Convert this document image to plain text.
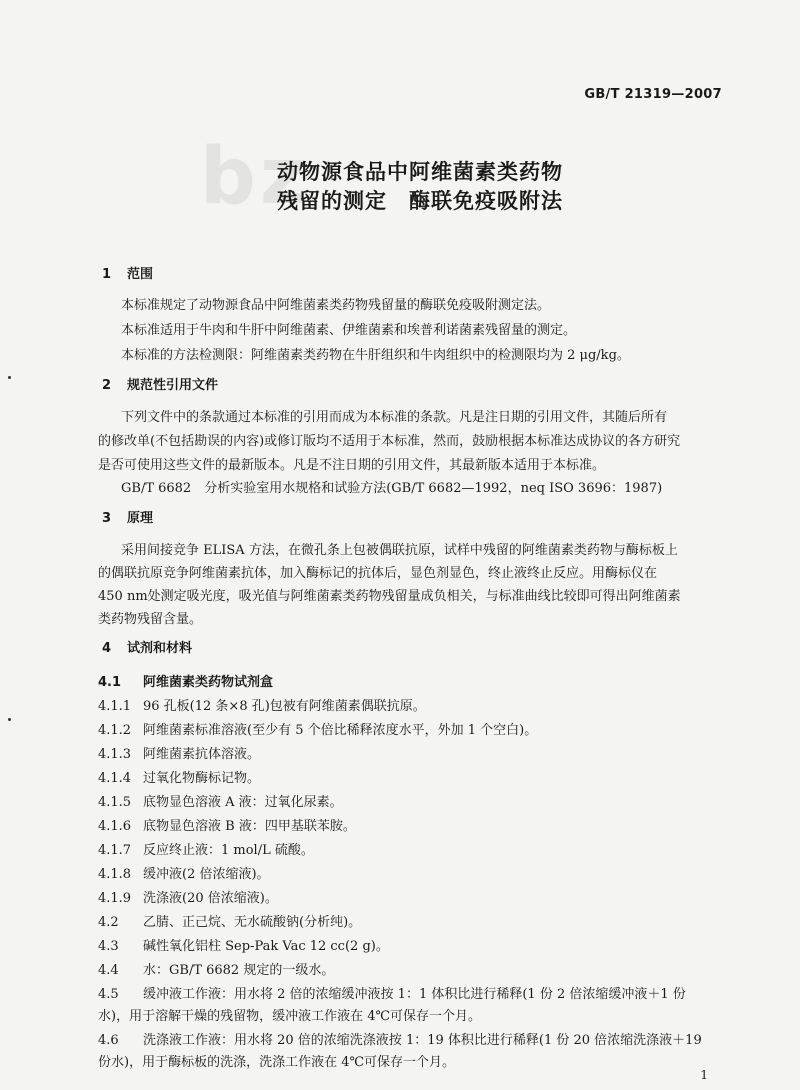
GB/T 21319—2007
bz
动物源食品中阿维菌素类药物
残留的测定　酶联免疫吸附法
1 范围
本标准规定了动物源食品中阿维菌素类药物残留量的酶联免疫吸附测定法。
本标准适用于牛肉和牛肝中阿维菌素、伊维菌素和埃普利诺菌素残留量的测定。
本标准的方法检测限：阿维菌素类药物在牛肝组织和牛肉组织中的检测限均为 2 μg/kg。
2 规范性引用文件
下列文件中的条款通过本标准的引用而成为本标准的条款。凡是注日期的引用文件，其随后所有
的修改单(不包括勘误的内容)或修订版均不适用于本标准，然而，鼓励根据本标准达成协议的各方研究
是否可使用这些文件的最新版本。凡是不注日期的引用文件，其最新版本适用于本标准。
GB/T 6682　分析实验室用水规格和试验方法(GB/T 6682—1992，neq ISO 3696：1987)
3 原理
采用间接竞争 ELISA 方法，在微孔条上包被偶联抗原，试样中残留的阿维菌素类药物与酶标板上
的偶联抗原竞争阿维菌素抗体，加入酶标记的抗体后，显色剂显色，终止液终止反应。用酶标仪在
450 nm处测定吸光度，吸光值与阿维菌素类药物残留量成负相关，与标准曲线比较即可得出阿维菌素
类药物残留含量。
4 试剂和材料
4.1 阿维菌素类药物试剂盒
4.1.1 96 孔板(12 条×8 孔)包被有阿维菌素偶联抗原。
4.1.2 阿维菌素标准溶液(至少有 5 个倍比稀释浓度水平，外加 1 个空白)。
4.1.3 阿维菌素抗体溶液。
4.1.4 过氧化物酶标记物。
4.1.5 底物显色溶液 A 液：过氧化尿素。
4.1.6 底物显色溶液 B 液：四甲基联苯胺。
4.1.7 反应终止液：1 mol/L 硫酸。
4.1.8 缓冲液(2 倍浓缩液)。
4.1.9 洗涤液(20 倍浓缩液)。
4.2 乙腈、正己烷、无水硫酸钠(分析纯)。
4.3 碱性氧化铝柱 Sep-Pak Vac 12 cc(2 g)。
4.4 水：GB/T 6682 规定的一级水。
4.5 缓冲液工作液：用水将 2 倍的浓缩缓冲液按 1：1 体积比进行稀释(1 份 2 倍浓缩缓冲液＋1 份
水)，用于溶解干燥的残留物，缓冲液工作液在 4℃可保存一个月。
4.6 洗涤液工作液：用水将 20 倍的浓缩洗涤液按 1：19 体积比进行稀释(1 份 20 倍浓缩洗涤液＋19
份水)，用于酶标板的洗涤，洗涤工作液在 4℃可保存一个月。
1
